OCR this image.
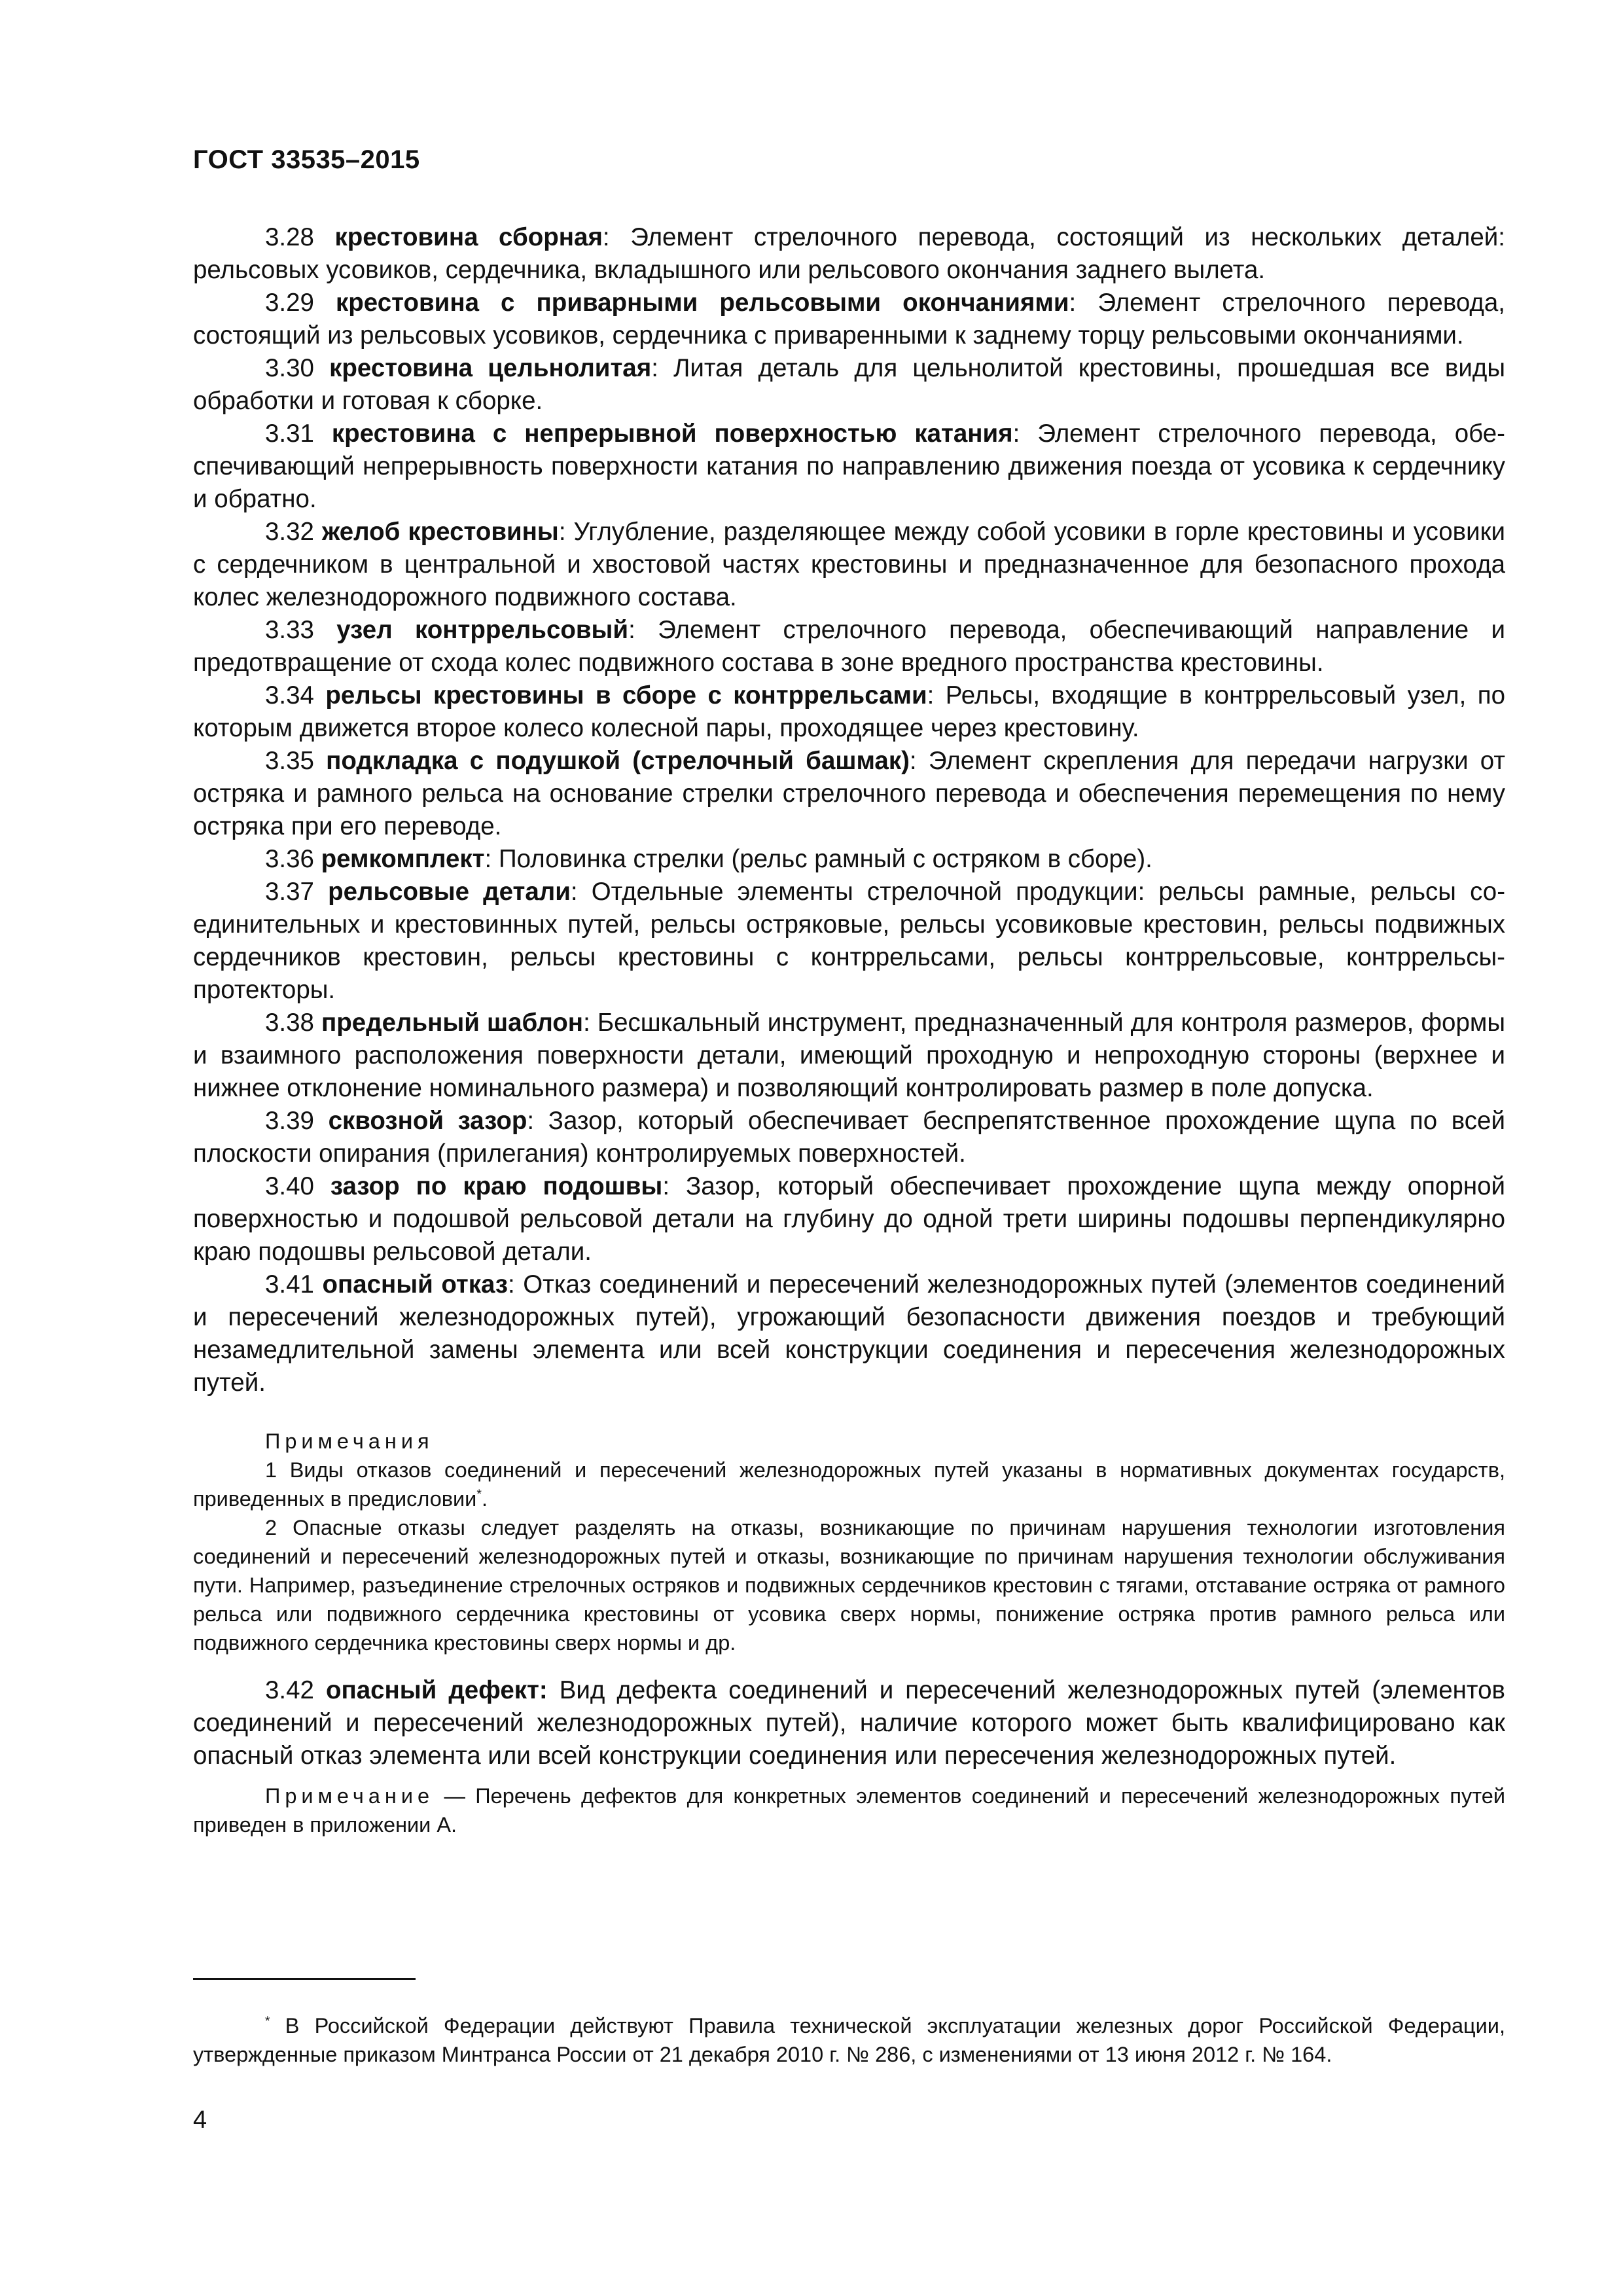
ГОСТ 33535–2015

3.28 крестовина сборная: Элемент стрелочного перевода, состоящий из нескольких деталей: рельсовых усовиков, сердечника, вкладышного или рельсового окончания заднего вылета.

3.29 крестовина с приварными рельсовыми окончаниями: Элемент стрелочного перевода, состоящий из рельсовых усовиков, сердечника с приваренными к заднему торцу рельсовыми окончаниями.

3.30 крестовина цельнолитая: Литая деталь для цельнолитой крестовины, прошедшая все виды обработки и готовая к сборке.

3.31 крестовина с непрерывной поверхностью катания: Элемент стрелочного перевода, обеспечивающий непрерывность поверхности катания по направлению движения поезда от усовика к сердечнику и обратно.

3.32 желоб крестовины: Углубление, разделяющее между собой усовики в горле крестовины и усовики с сердечником в центральной и хвостовой частях крестовины и предназначенное для безопасного прохода колес железнодорожного подвижного состава.

3.33 узел контррельсовый: Элемент стрелочного перевода, обеспечивающий направление и предотвращение от схода колес подвижного состава в зоне вредного пространства крестовины.

3.34 рельсы крестовины в сборе с контррельсами: Рельсы, входящие в контррельсовый узел, по которым движется второе колесо колесной пары, проходящее через крестовину.

3.35 подкладка с подушкой (стрелочный башмак): Элемент скрепления для передачи нагрузки от остряка и рамного рельса на основание стрелки стрелочного перевода и обеспечения перемещения по нему остряка при его переводе.

3.36 ремкомплект: Половинка стрелки (рельс рамный с остряком в сборе).

3.37 рельсовые детали: Отдельные элементы стрелочной продукции: рельсы рамные, рельсы соединительных и крестовинных путей, рельсы остряковые, рельсы усовиковые крестовин, рельсы подвижных сердечников крестовин, рельсы крестовины с контррельсами, рельсы контррельсовые, контррельсы-протекторы.

3.38 предельный шаблон: Бесшкальный инструмент, предназначенный для контроля размеров, формы и взаимного расположения поверхности детали, имеющий проходную и непроходную стороны (верхнее и нижнее отклонение номинального размера) и позволяющий контролировать размер в поле допуска.

3.39 сквозной зазор: Зазор, который обеспечивает беспрепятственное прохождение щупа по всей плоскости опирания (прилегания) контролируемых поверхностей.

3.40 зазор по краю подошвы: Зазор, который обеспечивает прохождение щупа между опорной поверхностью и подошвой рельсовой детали на глубину до одной трети ширины подошвы перпендикулярно краю подошвы рельсовой детали.

3.41 опасный отказ: Отказ соединений и пересечений железнодорожных путей (элементов соединений и пересечений железнодорожных путей), угрожающий безопасности движения поездов и требующий незамедлительной замены элемента или всей конструкции соединения и пересечения железнодорожных путей.

Примечания

1 Виды отказов соединений и пересечений железнодорожных путей указаны в нормативных документах государств, приведенных в предисловии*.

2 Опасные отказы следует разделять на отказы, возникающие по причинам нарушения технологии изготовления соединений и пересечений железнодорожных путей и отказы, возникающие по причинам нарушения технологии обслуживания пути. Например, разъединение стрелочных остряков и подвижных сердечников крестовин с тягами, отставание остряка от рамного рельса или подвижного сердечника крестовины от усовика сверх нормы, понижение остряка против рамного рельса или подвижного сердечника крестовины сверх нормы и др.

3.42 опасный дефект: Вид дефекта соединений и пересечений железнодорожных путей (элементов соединений и пересечений железнодорожных путей), наличие которого может быть квалифицировано как опасный отказ элемента или всей конструкции соединения или пересечения железнодорожных путей.

Примечание — Перечень дефектов для конкретных элементов соединений и пересечений железнодорожных путей приведен в приложении А.

* В Российской Федерации действуют Правила технической эксплуатации железных дорог Российской Федерации, утвержденные приказом Минтранса России от 21 декабря 2010 г. № 286, с изменениями от 13 июня 2012 г. № 164.

4
